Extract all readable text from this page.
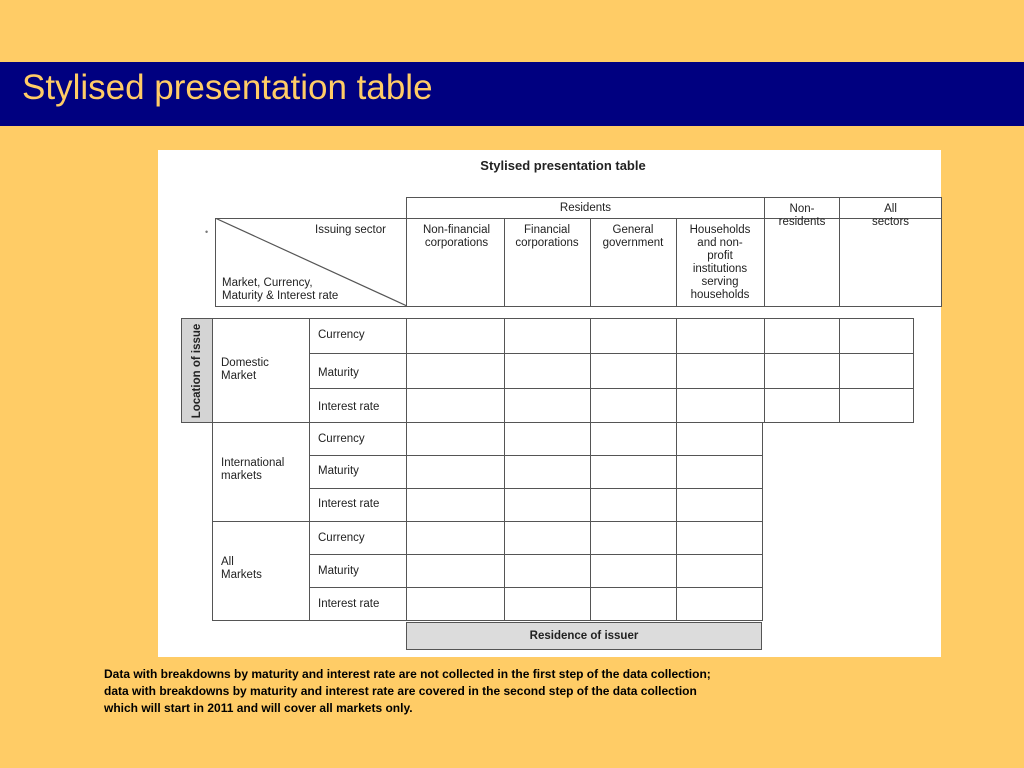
Stylised presentation table
Stylised presentation table
•
Residents
Issuing sector
Market, Currency,
Maturity & Interest rate
Non-financial
corporations
Financial
corporations
General
government
Households
and non-
profit
institutions
serving
households
Non-
residents
All
sectors
Location of issue Domestic
Market
Currency
Maturity
Interest rate
International
markets
Currency
Maturity
Interest rate
All
Markets
Currency
Maturity
Interest rate
Residence of issuer
Data with breakdowns by maturity and interest rate are not collected in the first step of the data collection;
data with breakdowns by maturity and interest rate are covered in the second step of the data collection
which will start in 2011 and will cover all markets only.
